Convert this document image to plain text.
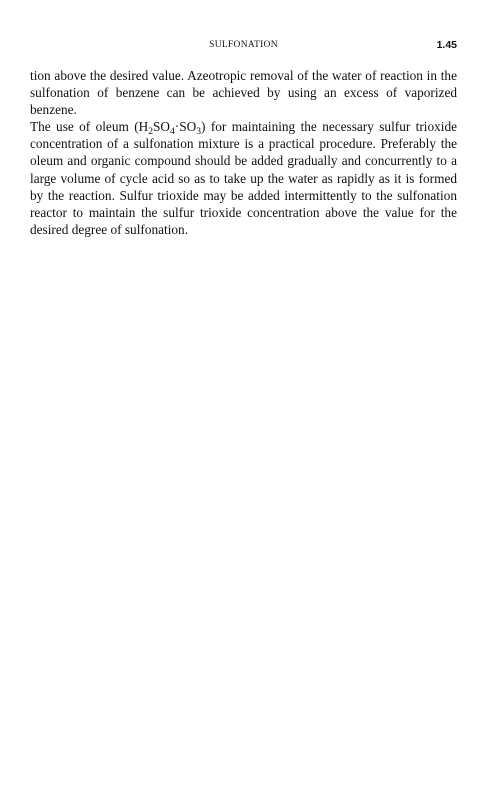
SULFONATION	1.45

tion above the desired value. Azeotropic removal of the water of reaction in the sulfonation of benzene can be achieved by using an excess of vaporized benzene.

The use of oleum $(H_2SO_4\cdot SO_3)$ for maintaining the necessary sulfur trioxide concentration of a sulfonation mixture is a practical procedure. Preferably the oleum and organic compound should be added gradually and concurrently to a large volume of cycle acid so as to take up the water as rapidly as it is formed by the reaction. Sulfur trioxide may be added intermittently to the sulfonation reactor to maintain the sulfur trioxide concentration above the value for the desired degree of sulfonation.
